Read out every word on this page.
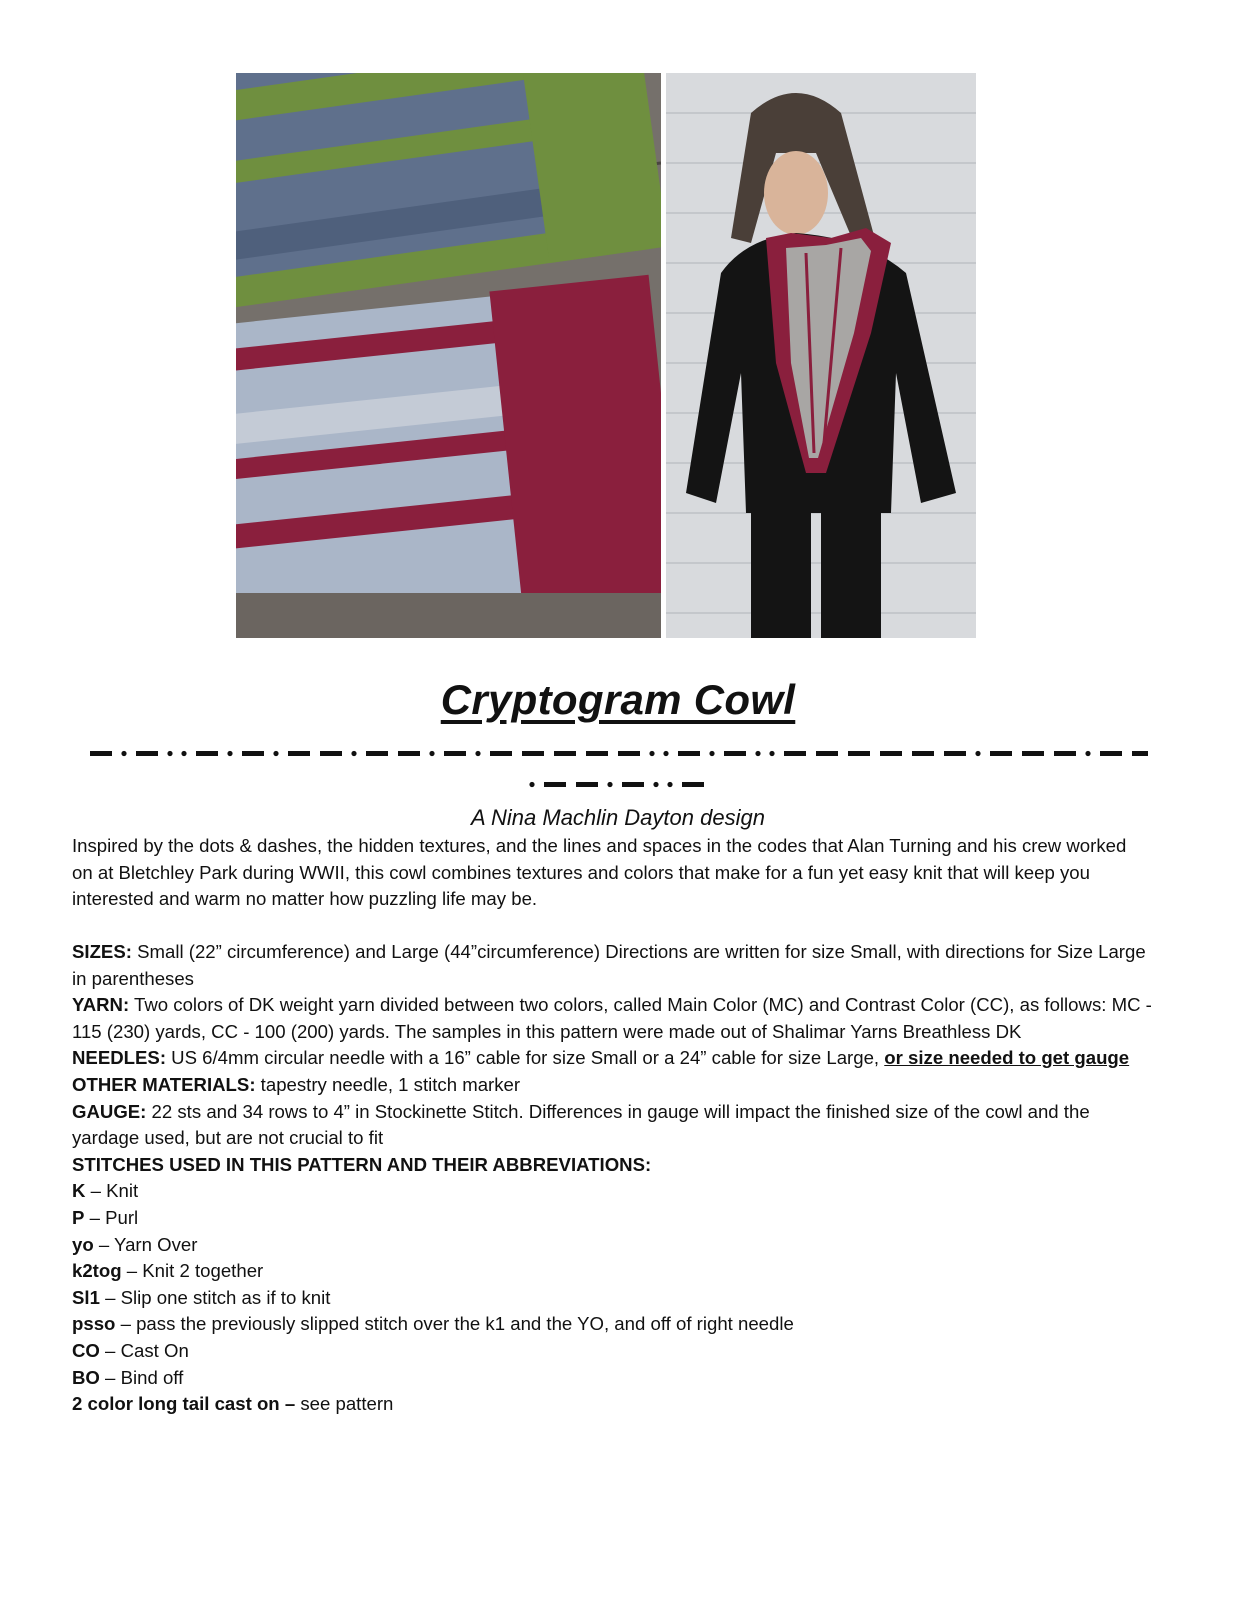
Cryptogram Cowl
A Nina Machlin Dayton design

Inspired by the dots & dashes, the hidden textures, and the lines and spaces in the codes that Alan Turning and his crew worked on at Bletchley Park during WWII, this cowl combines textures and colors that make for a fun yet easy knit that will keep you interested and warm no matter how puzzling life may be.

SIZES: Small (22” circumference) and Large (44”circumference) Directions are written for size Small, with directions for Size Large in parentheses

YARN: Two colors of DK weight yarn divided between two colors, called Main Color (MC) and Contrast Color (CC), as follows: MC - 115 (230) yards, CC - 100 (200) yards. The samples in this pattern were made out of Shalimar Yarns Breathless DK

NEEDLES: US 6/4mm circular needle with a 16” cable for size Small or a 24” cable for size Large, or size needed to get gauge

OTHER MATERIALS: tapestry needle, 1 stitch marker

GAUGE: 22 sts and 34 rows to 4” in Stockinette Stitch. Differences in gauge will impact the finished size of the cowl and the yardage used, but are not crucial to fit

STITCHES USED IN THIS PATTERN AND THEIR ABBREVIATIONS:

K – Knit

P – Purl

yo – Yarn Over

k2tog – Knit 2 together

Sl1 – Slip one stitch as if to knit

psso – pass the previously slipped stitch over the k1 and the YO, and off of right needle

CO – Cast On

BO – Bind off

2 color long tail cast on – see pattern
